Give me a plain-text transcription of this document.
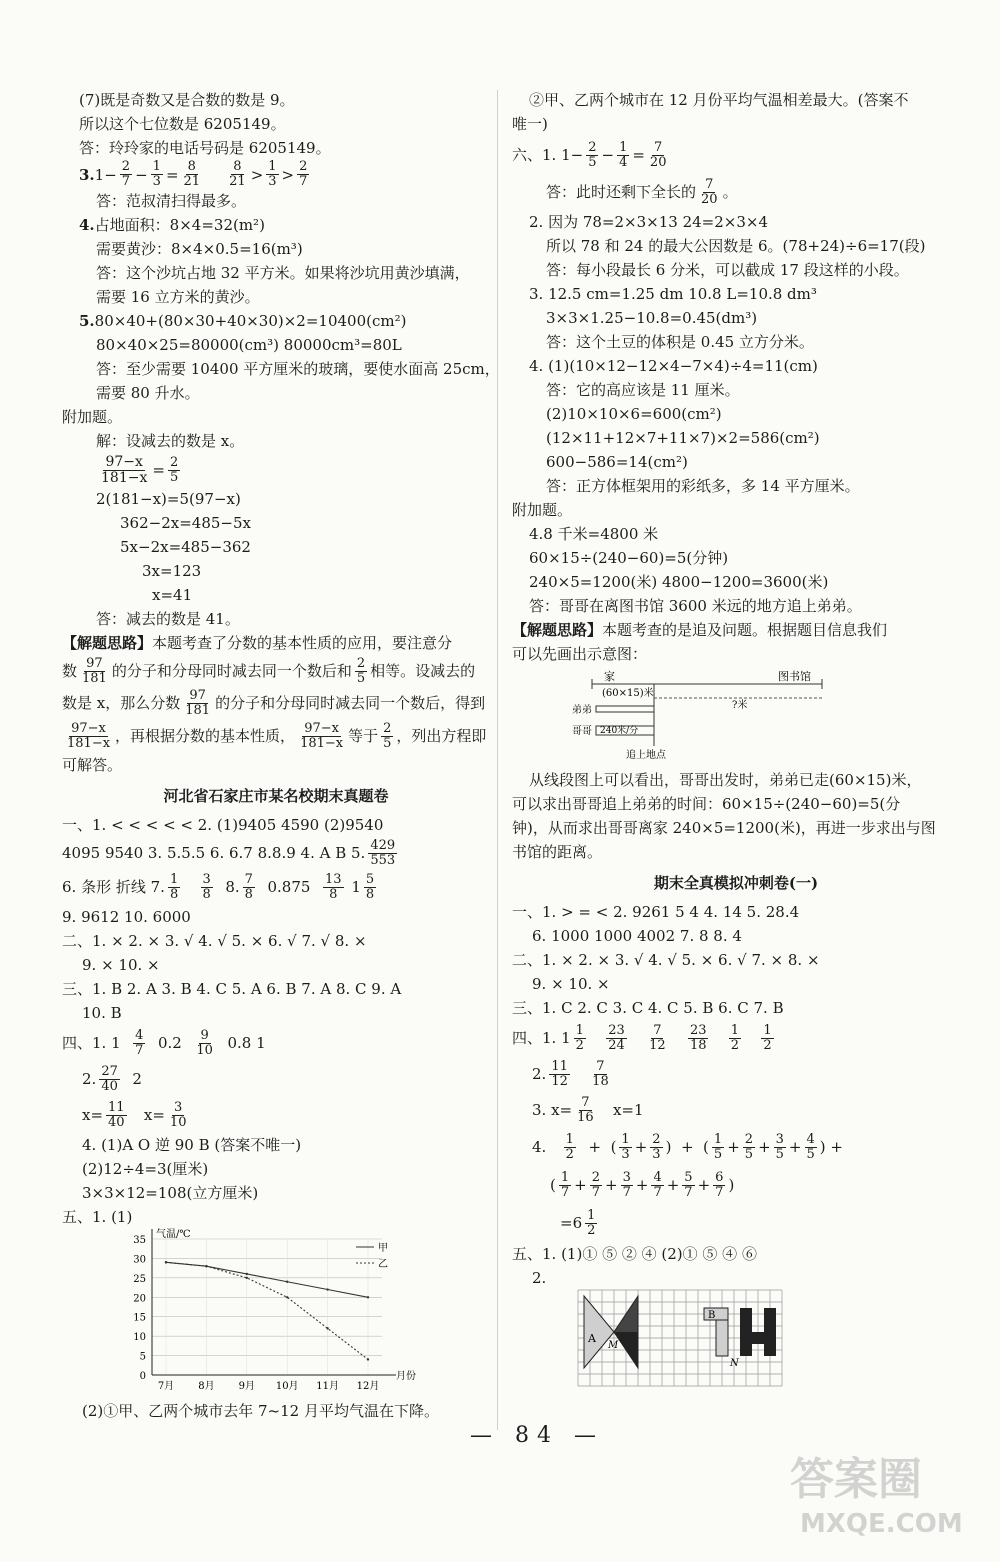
(7)既是奇数又是合数的数是 9。
所以这个七位数是 6205149。
答：玲玲家的电话号码是 6205149。
3. $1- \frac{2}{7} - \frac{1}{3} = \frac{8}{21}$
$\frac{8}{21} > \frac{1}{3} > \frac{2}{7}$
答：范叔清扫得最多。
4.占地面积：8×4=32(m²)
需要黄沙：8×4×0.5=16(m³)
答：这个沙坑占地 32 平方米。如果将沙坑用黄沙填满，
需要 16 立方米的黄沙。
5.80×40+(80×30+40×30)×2=10400(cm²)
80×40×25=80000(cm³) 80000cm³=80L
答：至少需要 10400 平方厘米的玻璃，要使水面高 25cm，
需要 80 升水。
附加题。
解：设减去的数是 x。
$\frac{97-x}{181-x} = \frac{2}{5}$
2(181−x)=5(97−x)
362−2x=485−5x
5x−2x=485−362
3x=123
x=41
答：减去的数是 41。
【解题思路】本题考查了分数的基本性质的应用，要注意分
数 $\frac{97}{181}$ 的分子和分母同时减去同一个数后和 $\frac{2}{5}$ 相等。设减去的
数是 x，那么分数 $\frac{97}{181}$ 的分子和分母同时减去同一个数后，得到
$\frac{97-x}{181-x}$ ，再根据分数的基本性质， $\frac{97-x}{181-x}$ 等于 $\frac{2}{5}$ ，列出方程即
可解答。
河北省石家庄市某名校期末真题卷
一、1. < < < < < 2. (1)9405 4590 (2)9540
4095 9540 3. 5.5.5 6. 6.7 8.8.9 4. A B 5. $\frac{429}{553}$
6. 条形 折线 7. $\frac{1}{8}$
$\frac{3}{8} 8$. $\frac{7}{8}$
0.875
$\frac{13}{8} 1 \frac{5}{8}$
9. 9612 10. 6000
二、1. × 2. × 3. √ 4. √ 5. × 6. √ 7. √ 8. ×
9. × 10. ×
三、1. B 2. A 3. B 4. C 5. A 6. B 7. A 8. C 9. A
10. B
四、1. 1
$\frac{4}{7}$
0.2
$\frac{9}{10}$
0.8 1
2. $\frac{27}{40}$
2
$x= \frac{11}{40}$
$x= \frac{3}{10}$
4. (1)A O 逆 90 B (答案不唯一)
(2)12÷4=3(厘米)
3×3×12=108(立方厘米)
五、1. (1)
0
5
10
15
20
25
30
35
7月 8月 9月 10月 11月 12月
气温/℃
月份
甲
乙
(2)①甲、乙两个城市去年 7~12 月平均气温在下降。
②甲、乙两个城市在 12 月份平均气温相差最大。(答案不
唯一)
六、1. $1- \frac{2}{5} - \frac{1}{4} = \frac{7}{20}$
答：此时还剩下全长的 $\frac{7}{20}$ 。
2. 因为 78=2×3×13 24=2×3×4
所以 78 和 24 的最大公因数是 6。(78+24)÷6=17(段)
答：每小段最长 6 分米，可以截成 17 段这样的小段。
3. 12.5 cm=1.25 dm 10.8 L=10.8 dm³
3×3×1.25−10.8=0.45(dm³)
答：这个土豆的体积是 0.45 立方分米。
4. (1)(10×12−12×4−7×4)÷4=11(cm)
答：它的高应该是 11 厘米。
(2)10×10×6=600(cm²)
(12×11+12×7+11×7)×2=586(cm²)
600−586=14(cm²)
答：正方体框架用的彩纸多，多 14 平方厘米。
附加题。
4.8 千米=4800 米
60×15÷(240−60)=5(分钟)
240×5=1200(米) 4800−1200=3600(米)
答：哥哥在离图书馆 3600 米远的地方追上弟弟。
【解题思路】本题考查的是追及问题。根据题目信息我们
可以先画出示意图：
家	图书馆
?米
(60×15)米
弟弟
哥哥 240米/分
追上地点
从线段图上可以看出，哥哥出发时，弟弟已走(60×15)米，
可以求出哥哥追上弟弟的时间：60×15÷(240−60)=5(分
钟)，从而求出哥哥离家 240×5=1200(米)，再进一步求出与图
书馆的距离。
期末全真模拟冲刺卷(一)
一、1. > = < 2. 9261 5 4 4. 14 5. 28.4
6. 1000 1000 4002 7. 8 8. 4
二、1. × 2. × 3. √ 4. √ 5. × 6. √ 7. × 8. ×
9. × 10. ×
三、1. C 2. C 3. C 4. C 5. B 6. C 7. B
四、1. $1 \frac{1}{2}$
$\frac{23}{24}$
$\frac{7}{12}$
$\frac{23}{18}$
$\frac{1}{2}$
$\frac{1}{2}$
2. $\frac{11}{12}$
$\frac{7}{18}$
3. $x= \frac{7}{16}$
x=1
4.
$\frac{1}{2}$
+ ( $\frac{1}{3} + \frac{2}{3}$ )  +  ( $\frac{1}{5} + \frac{2}{5} + \frac{3}{5} + \frac{4}{5}$ ) +
( $\frac{1}{7} + \frac{2}{7} + \frac{3}{7} + \frac{4}{7} + \frac{5}{7} + \frac{6}{7}$ )
$=6 \frac{1}{2}$
五、1. (1)① ⑤ ② ④ (2)① ⑤ ④ ⑥
2.
A
M
B
N
— 84 —
答案圈
MXQE.COM
